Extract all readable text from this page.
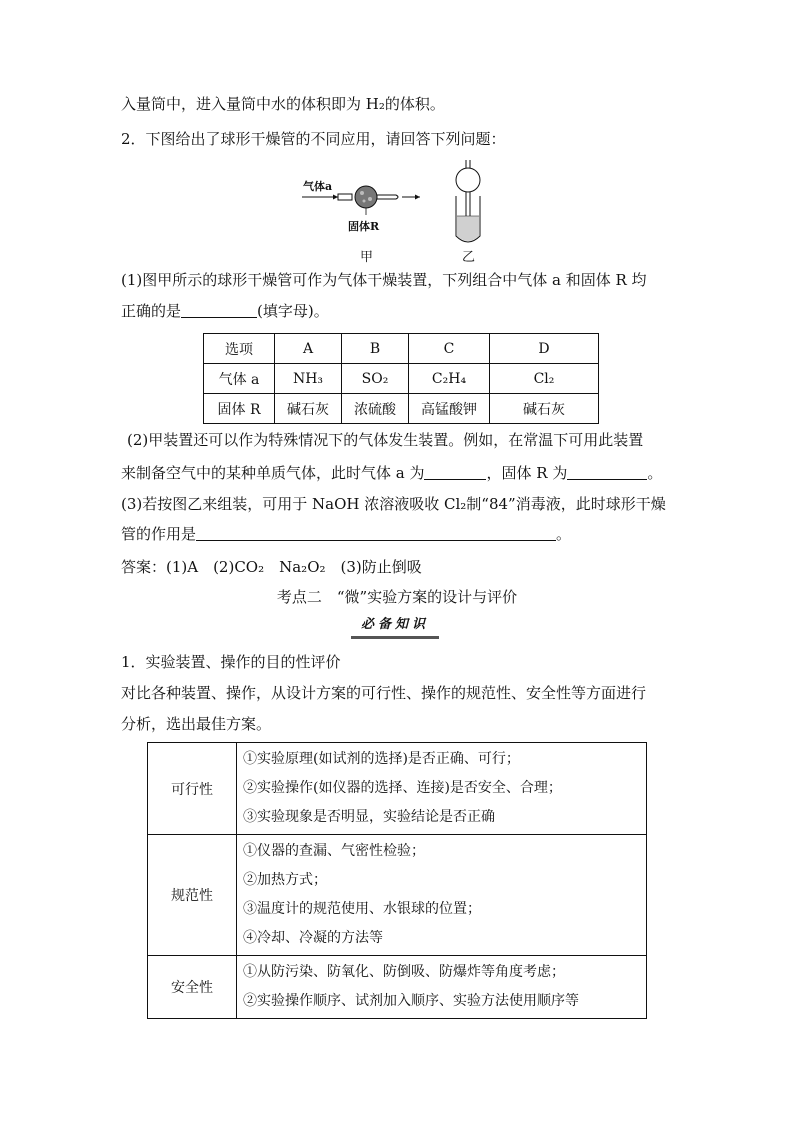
入量筒中，进入量筒中水的体积即为 H₂的体积。
2．下图给出了球形干燥管的不同应用，请回答下列问题：
气体a
固体R
甲	乙
(1)图甲所示的球形干燥管可作为气体干燥装置，下列组合中气体 a 和固体 R 均
正确的是	(填字母)。
选项	A	B	C	D
气体 a	NH₃	SO₂	C₂H₄	Cl₂
固体 R	碱石灰	浓硫酸	高锰酸钾	碱石灰
(2)甲装置还可以作为特殊情况下的气体发生装置。例如，在常温下可用此装置
来制备空气中的某种单质气体，此时气体 a 为	，固体 R 为	。
(3)若按图乙来组装，可用于 NaOH 浓溶液吸收 Cl₂制“84”消毒液，此时球形干燥
管的作用是	。
答案：(1)A　(2)CO₂　Na₂O₂　(3)防止倒吸
考点二　“微”实验方案的设计与评价
必备知识
1．实验装置、操作的目的性评价
对比各种装置、操作，从设计方案的可行性、操作的规范性、安全性等方面进行
分析，选出最佳方案。
可行性	①实验原理(如试剂的选择)是否正确、可行；
②实验操作(如仪器的选择、连接)是否安全、合理；
③实验现象是否明显，实验结论是否正确

规范性	①仪器的查漏、气密性检验；
②加热方式；
③温度计的规范使用、水银球的位置；
④冷却、冷凝的方法等

安全性	①从防污染、防氧化、防倒吸、防爆炸等角度考虑；
②实验操作顺序、试剂加入顺序、实验方法使用顺序等
